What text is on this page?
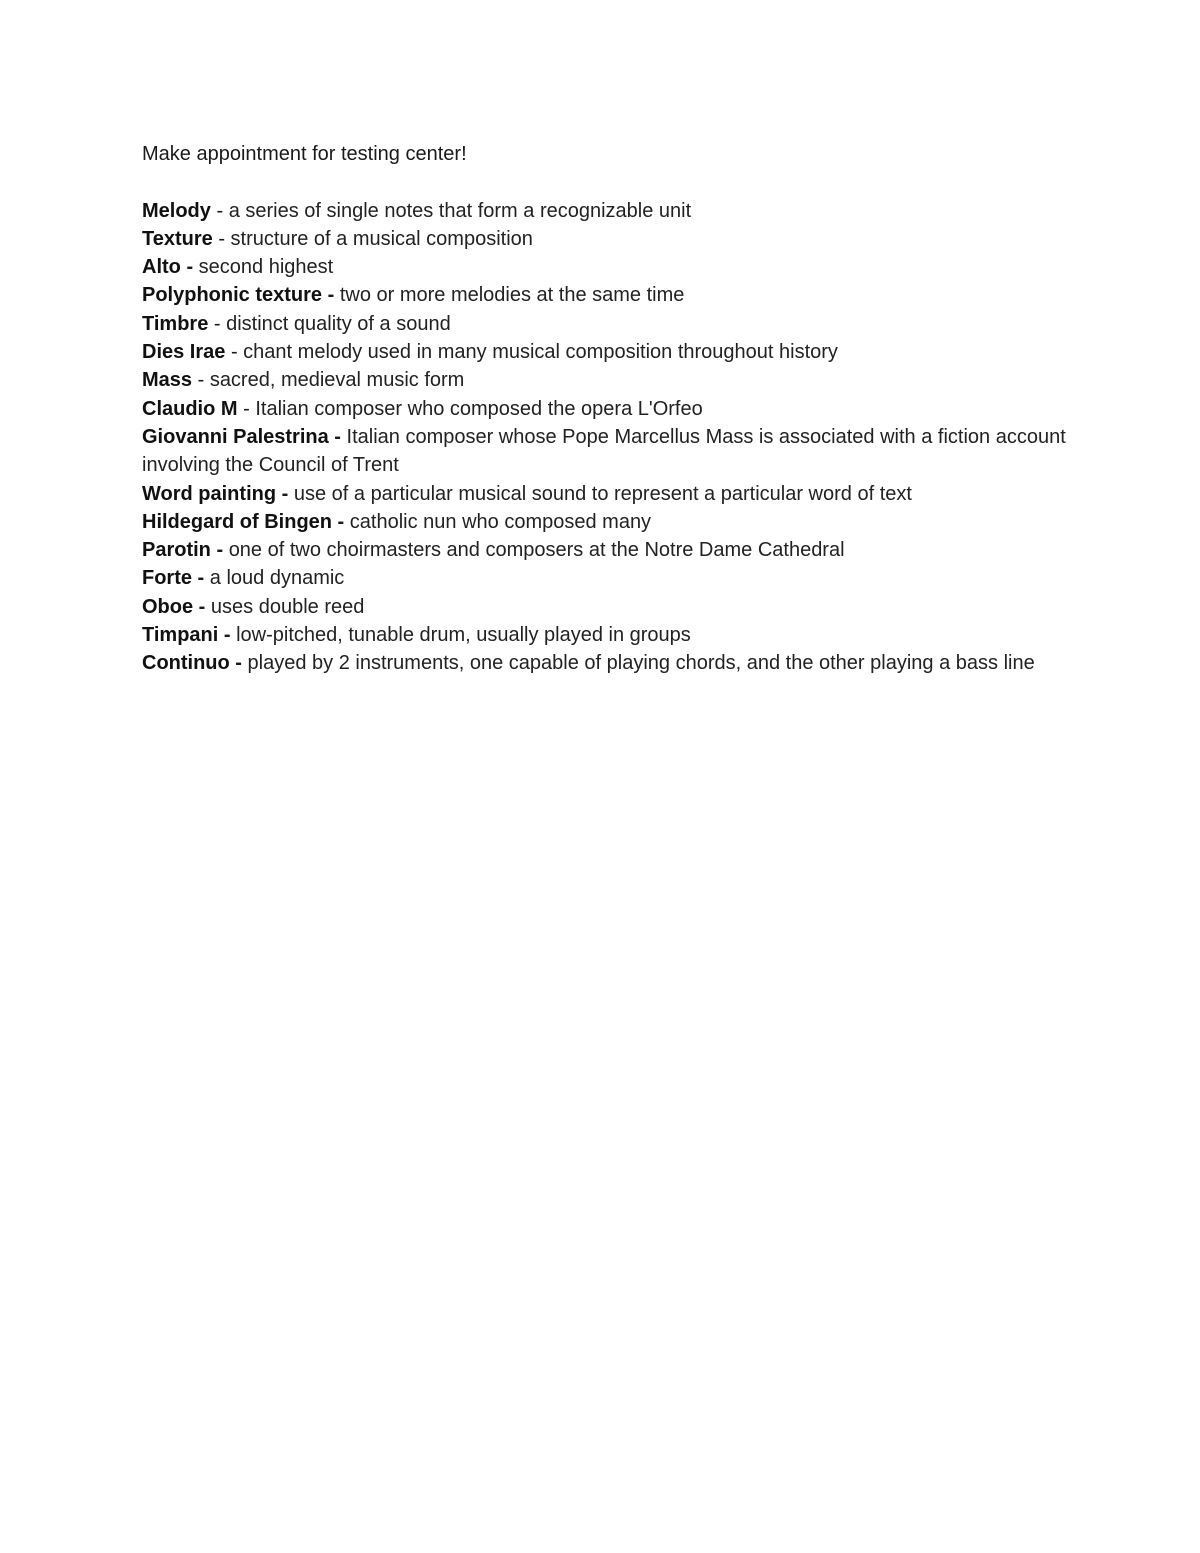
Make appointment for testing center!

Melody - a series of single notes that form a recognizable unit
Texture - structure of a musical composition
Alto - second highest
Polyphonic texture - two or more melodies at the same time
Timbre - distinct quality of a sound
Dies Irae - chant melody used in many musical composition throughout history
Mass - sacred, medieval music form
Claudio M - Italian composer who composed the opera L'Orfeo
Giovanni Palestrina - Italian composer whose Pope Marcellus Mass is associated with a fiction account involving the Council of Trent
Word painting - use of a particular musical sound to represent a particular word of text
Hildegard of Bingen - catholic nun who composed many
Parotin - one of two choirmasters and composers at the Notre Dame Cathedral
Forte - a loud dynamic
Oboe - uses double reed
Timpani - low-pitched, tunable drum, usually played in groups
Continuo - played by 2 instruments, one capable of playing chords, and the other playing a bass line
